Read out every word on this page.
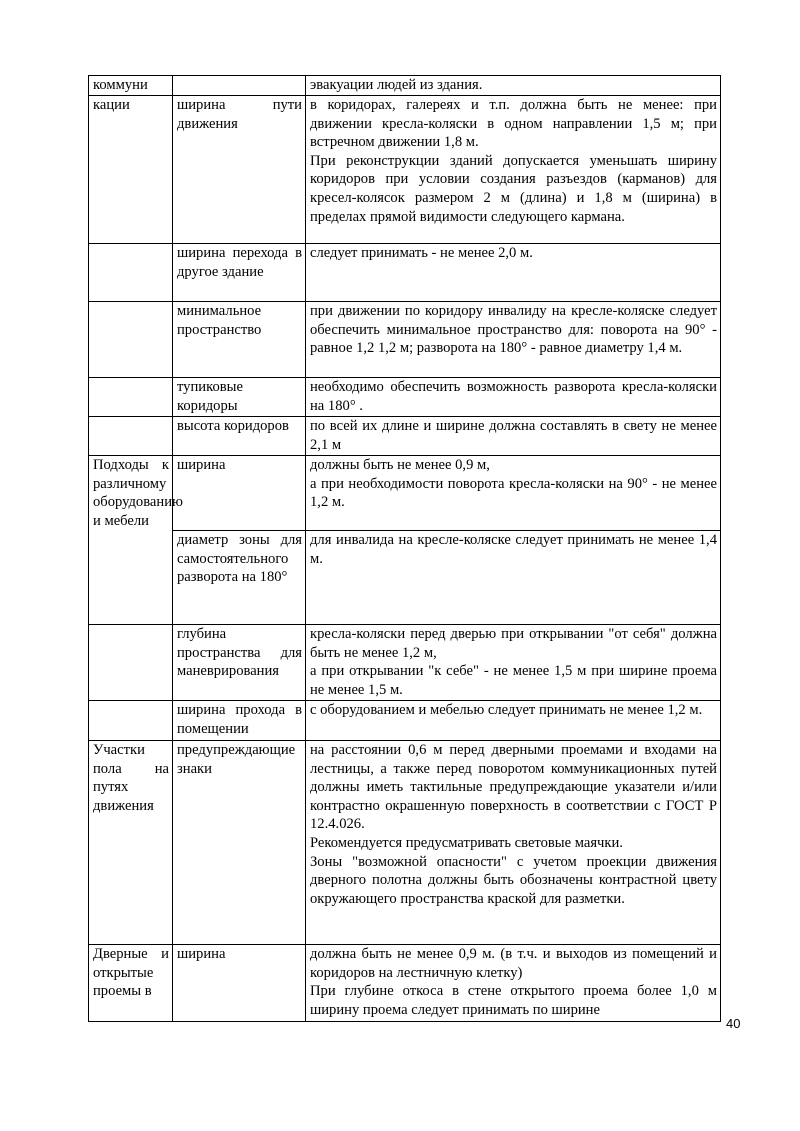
коммуни		эвакуации людей из здания.

кации	ширина пути движения	в коридорах, галереях и т.п. должна быть не менее: при движении кресла-коляски в одном направлении 1,5 м; при встречном движении 1,8 м.

При реконструкции зданий допускается уменьшать ширину коридоров при условии создания разъездов (карманов) для кресел-колясок размером 2 м (длина) и 1,8 м (ширина) в пределах прямой видимости следующего кармана.

	ширина перехода в другое здание	следует принимать - не менее 2,0 м.

	минимальное пространство	при движении по коридору инвалиду на кресле-коляске следует обеспечить минимальное пространство для: поворота на 90° - равное 1,2 1,2 м; разворота на 180° - равное диаметру 1,4 м.

	тупиковые коридоры	необходимо обеспечить возможность разворота кресла-коляски на 180° .

	высота коридоров	по всей их длине и ширине должна составлять в свету не менее 2,1 м

Подходы к различному оборудованию и мебели	ширина	должны быть не менее 0,9 м,

а при необходимости поворота кресла-коляски на 90° - не менее 1,2 м.

	диаметр зоны для самостоятельного разворота на 180°	для инвалида на кресле-коляске следует принимать не менее 1,4 м.

	глубина пространства для маневрирования	кресла-коляски перед дверью при открывании "от себя" должна быть не менее 1,2 м,

а при открывании "к себе" - не менее 1,5 м при ширине проема не менее 1,5 м.

	ширина прохода в помещении	с оборудованием и мебелью следует принимать не менее 1,2 м.

Участки пола на путях движения	предупреждающие знаки	на расстоянии 0,6 м перед дверными проемами и входами на лестницы, а также перед поворотом коммуникационных путей должны иметь тактильные предупреждающие указатели и/или контрастно окрашенную поверхность в соответствии с ГОСТ Р 12.4.026.

Рекомендуется предусматривать световые маячки.

Зоны "возможной опасности" с учетом проекции движения дверного полотна должны быть обозначены контрастной цвету окружающего пространства краской для разметки.

Дверные и открытые проемы в	ширина	должна быть не менее 0,9 м. (в т.ч. и выходов из помещений и коридоров на лестничную клетку)

При глубине откоса в стене открытого проема более 1,0 м ширину проема следует принимать по ширине

40
